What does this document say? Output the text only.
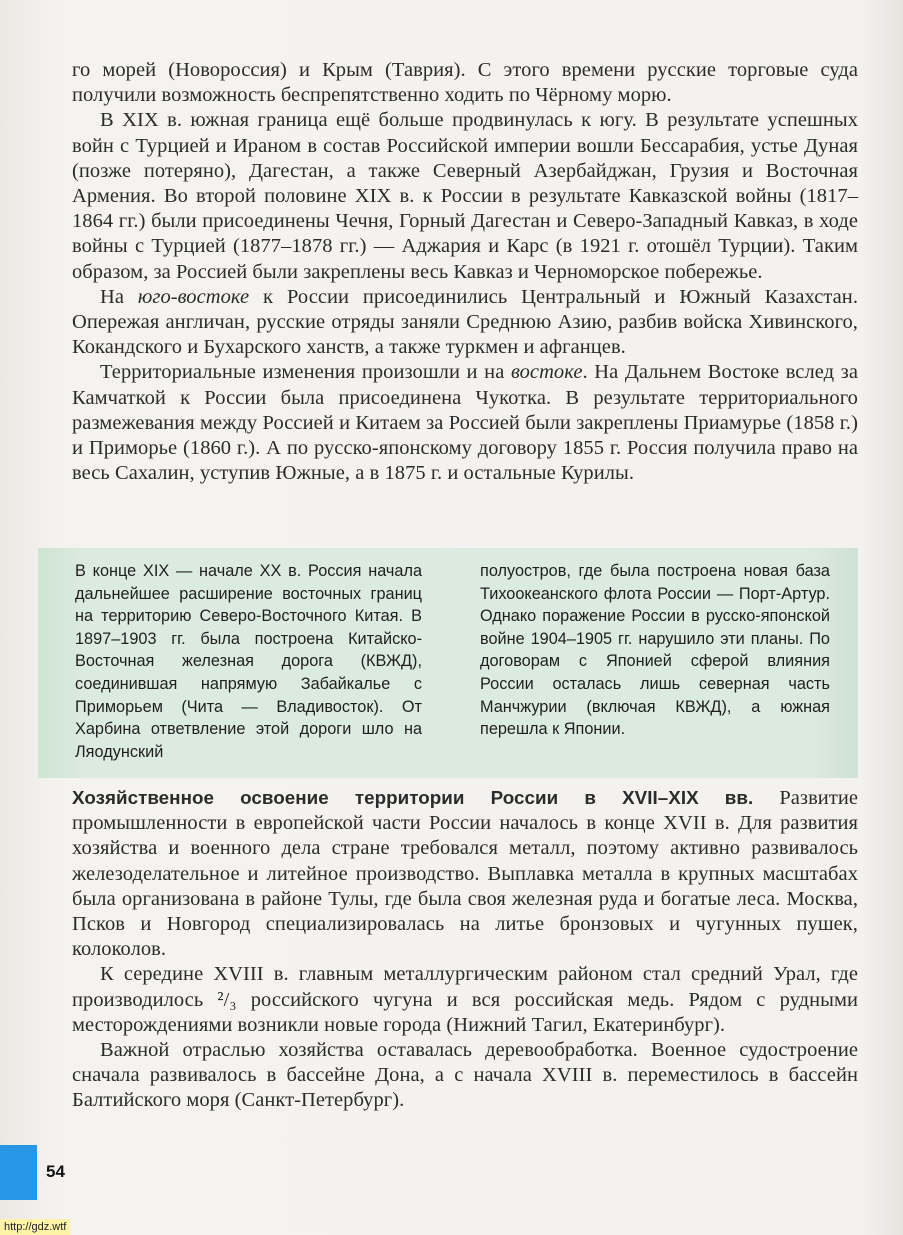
го морей (Новороссия) и Крым (Таврия). С этого времени русские торговые суда получили возможность беспрепятственно ходить по Чёрному морю.

В XIX в. южная граница ещё больше продвинулась к югу. В результате успешных войн с Турцией и Ираном в состав Российской империи вошли Бессарабия, устье Дуная (позже потеряно), Дагестан, а также Северный Азербайджан, Грузия и Восточная Армения. Во второй половине XIX в. к России в результате Кавказской войны (1817–1864 гг.) были присоединены Чечня, Горный Дагестан и Северо-Западный Кавказ, в ходе войны с Турцией (1877–1878 гг.) — Аджария и Карс (в 1921 г. отошёл Турции). Таким образом, за Россией были закреплены весь Кавказ и Черноморское побережье.

На юго-востоке к России присоединились Центральный и Южный Казахстан. Опережая англичан, русские отряды заняли Среднюю Азию, разбив войска Хивинского, Кокандского и Бухарского ханств, а также туркмен и афганцев.

Территориальные изменения произошли и на востоке. На Дальнем Востоке вслед за Камчаткой к России была присоединена Чукотка. В результате территориального размежевания между Россией и Китаем за Россией были закреплены Приамурье (1858 г.) и Приморье (1860 г.). А по русско-японскому договору 1855 г. Россия получила право на весь Сахалин, уступив Южные, а в 1875 г. и остальные Курилы.

В конце XIX — начале XX в. Россия начала дальнейшее расширение восточных границ на территорию Северо-Восточного Китая. В 1897–1903 гг. была построена Китайско-Восточная железная дорога (КВЖД), соединившая напрямую Забайкалье с Приморьем (Чита — Владивосток). От Харбина ответвление этой дороги шло на Ляодунский
полуостров, где была построена новая база Тихоокеанского флота России — Порт-Артур. Однако поражение России в русско-японской войне 1904–1905 гг. нарушило эти планы. По договорам с Японией сферой влияния России осталась лишь северная часть Манчжурии (включая КВЖД), а южная перешла к Японии.

Хозяйственное освоение территории России в XVII–XIX вв. Развитие промышленности в европейской части России началось в конце XVII в. Для развития хозяйства и военного дела стране требовался металл, поэтому активно развивалось железоделательное и литейное производство. Выплавка металла в крупных масштабах была организована в районе Тулы, где была своя железная руда и богатые леса. Москва, Псков и Новгород специализировалась на литье бронзовых и чугунных пушек, колоколов.

К середине XVIII в. главным металлургическим районом стал средний Урал, где производилось ²/₃ российского чугуна и вся российская медь. Рядом с рудными месторождениями возникли новые города (Нижний Тагил, Екатеринбург).

Важной отраслью хозяйства оставалась деревообработка. Военное судостроение сначала развивалось в бассейне Дона, а с начала XVIII в. переместилось в бассейн Балтийского моря (Санкт-Петербург).

54
http://gdz.wtf
